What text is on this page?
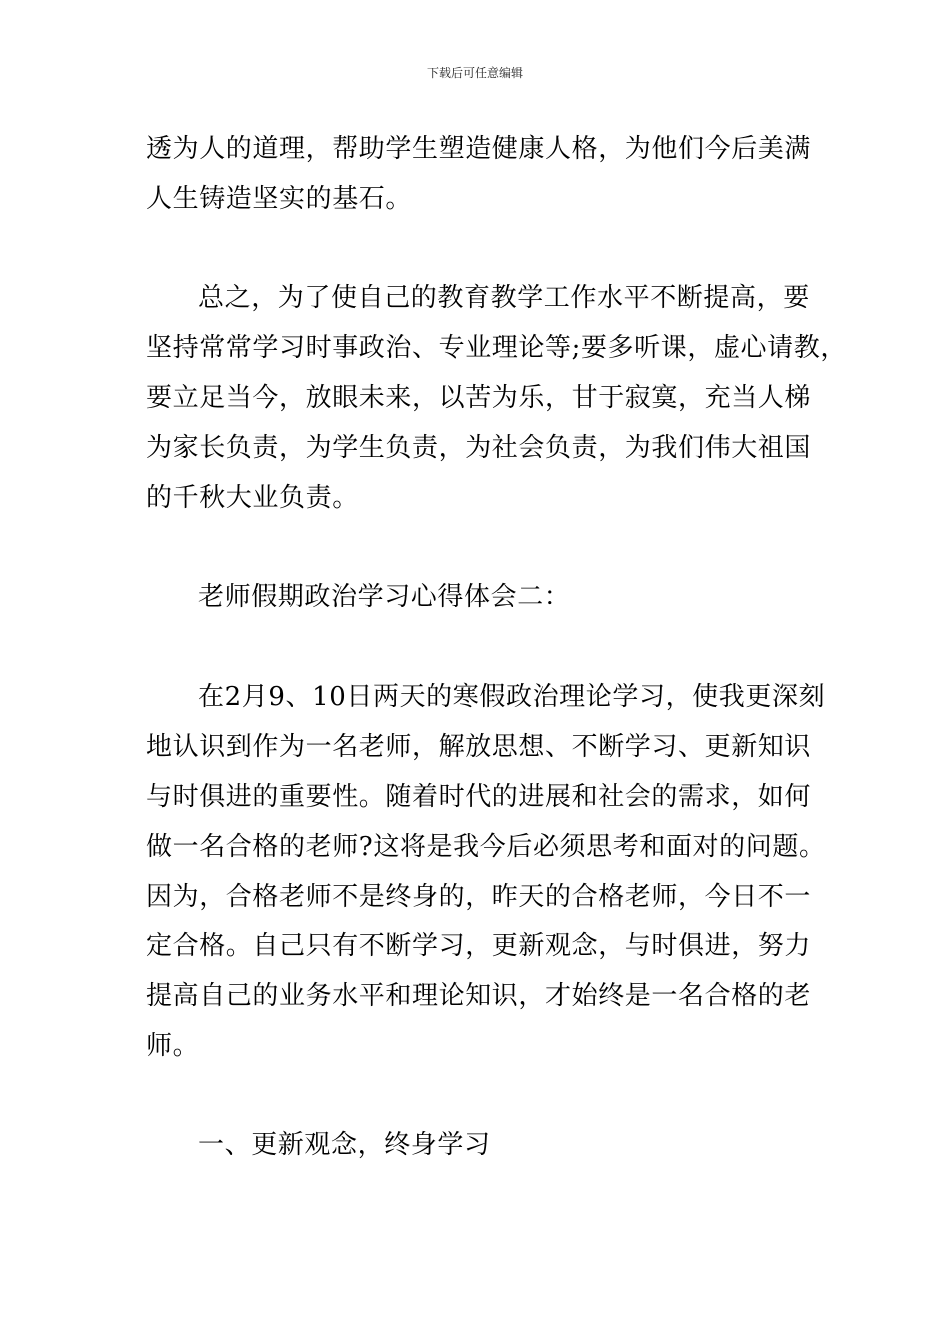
下载后可任意编辑
透为人的道理，帮助学生塑造健康人格，为他们今后美满
人生铸造坚实的基石。
总之，为了使自己的教育教学工作水平不断提高，要
坚持常常学习时事政治、专业理论等;要多听课，虚心请教，
要立足当今，放眼未来，以苦为乐，甘于寂寞，充当人梯
为家长负责，为学生负责，为社会负责，为我们伟大祖国
的千秋大业负责。
老师假期政治学习心得体会二：
在2月9、10日两天的寒假政治理论学习，使我更深刻
地认识到作为一名老师，解放思想、不断学习、更新知识
与时俱进的重要性。随着时代的进展和社会的需求，如何
做一名合格的老师?这将是我今后必须思考和面对的问题。
因为，合格老师不是终身的，昨天的合格老师，今日不一
定合格。自己只有不断学习，更新观念，与时俱进，努力
提高自己的业务水平和理论知识，才始终是一名合格的老
师。
一、更新观念，终身学习
